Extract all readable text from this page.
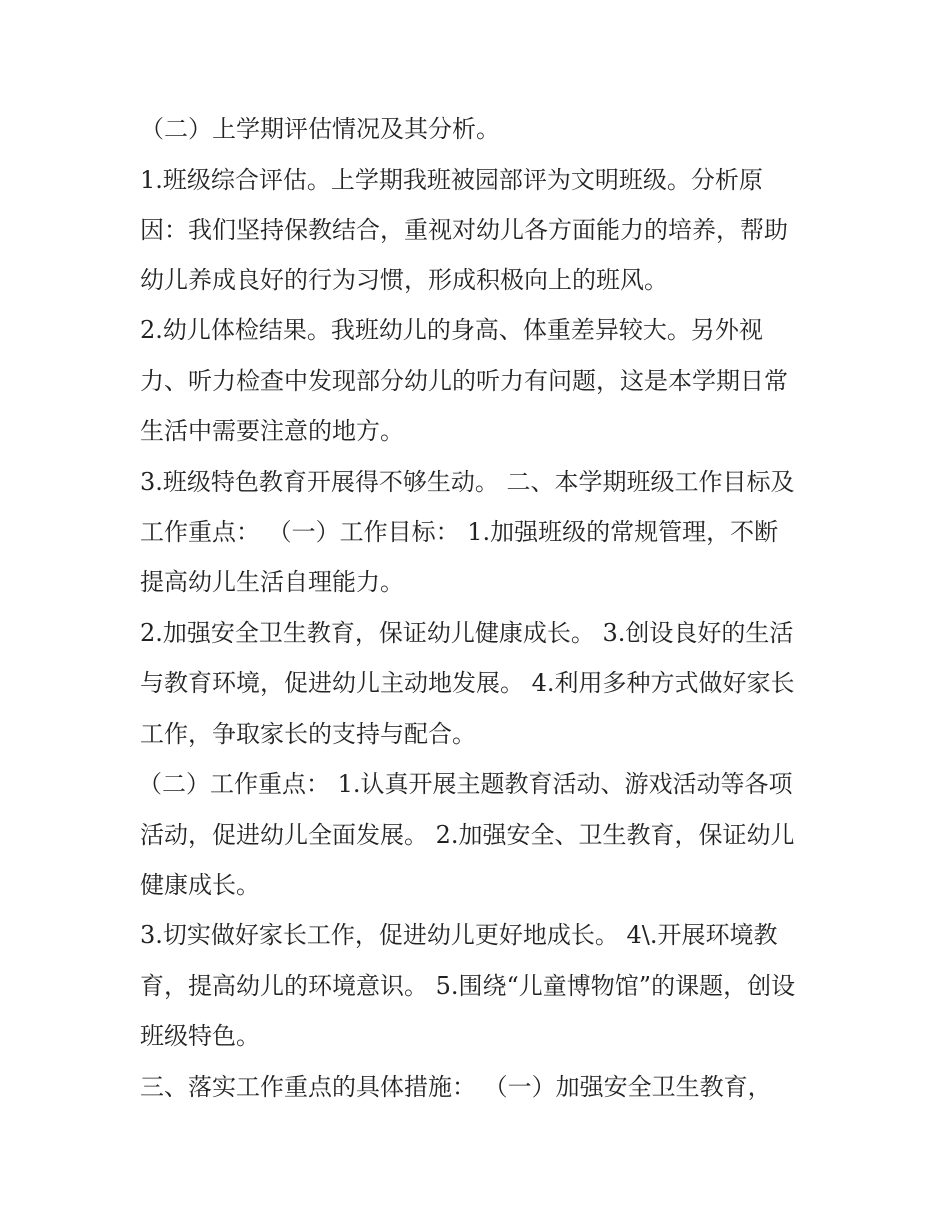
（二）上学期评估情况及其分析。

1.班级综合评估。上学期我班被园部评为文明班级。分析原

因：我们坚持保教结合，重视对幼儿各方面能力的培养，帮助

幼儿养成良好的行为习惯，形成积极向上的班风。

2.幼儿体检结果。我班幼儿的身高、体重差异较大。另外视

力、听力检查中发现部分幼儿的听力有问题，这是本学期日常

生活中需要注意的地方。

3.班级特色教育开展得不够生动。 二、本学期班级工作目标及

工作重点： （一）工作目标： 1.加强班级的常规管理，不断

提高幼儿生活自理能力。

2.加强安全卫生教育，保证幼儿健康成长。 3.创设良好的生活

与教育环境，促进幼儿主动地发展。 4.利用多种方式做好家长

工作，争取家长的支持与配合。

（二）工作重点： 1.认真开展主题教育活动、游戏活动等各项

活动，促进幼儿全面发展。 2.加强安全、卫生教育，保证幼儿

健康成长。

3.切实做好家长工作，促进幼儿更好地成长。 4\.开展环境教

育，提高幼儿的环境意识。 5.围绕“儿童博物馆”的课题，创设

班级特色。

三、落实工作重点的具体措施： （一）加强安全卫生教育，
